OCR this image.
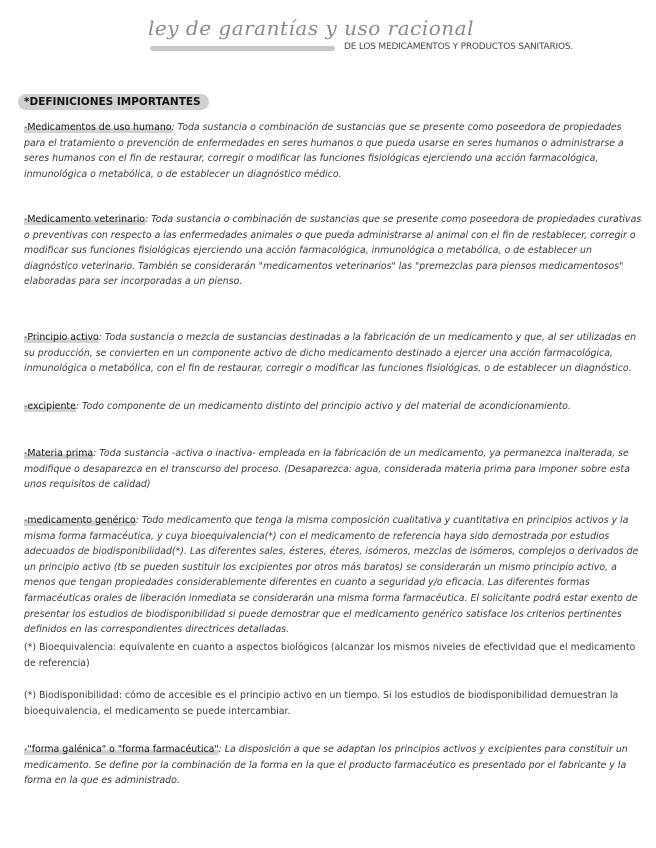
ley de garantías y uso racional
DE LOS MEDICAMENTOS Y PRODUCTOS SANITARIOS.
*DEFINICIONES IMPORTANTES

-Medicamentos de uso humano: Toda sustancia o combinación de sustancias que se presente como poseedora de propiedades para el tratamiento o prevención de enfermedades en seres humanos o que pueda usarse en seres humanos o administrarse a seres humanos con el fin de restaurar, corregir o modificar las funciones fisiológicas ejerciendo una acción farmacológica, inmunológica o metabólica, o de establecer un diagnóstico médico.

-Medicamento veterinario: Toda sustancia o combinación de sustancias que se presente como poseedora de propiedades curativas o preventivas con respecto a las enfermedades animales o que pueda administrarse al animal con el fin de restablecer, corregir o modificar sus funciones fisiológicas ejerciendo una acción farmacológica, inmunológica o metabólica, o de establecer un diagnóstico veterinario. También se considerarán "medicamentos veterinarios" las "premezclas para piensos medicamentosos" elaboradas para ser incorporadas a un pienso.

-Principio activo: Toda sustancia o mezcla de sustancias destinadas a la fabricación de un medicamento y que, al ser utilizadas en su producción, se convierten en un componente activo de dicho medicamento destinado a ejercer una acción farmacológica, inmunológica o metabólica, con el fin de restaurar, corregir o modificar las funciones fisiológicas, o de establecer un diagnóstico.

-excipiente: Todo componente de un medicamento distinto del principio activo y del material de acondicionamiento.

-Materia prima: Toda sustancia -activa o inactiva- empleada en la fabricación de un medicamento, ya permanezca inalterada, se modifique o desaparezca en el transcurso del proceso. (Desaparezca: agua, considerada materia prima para imponer sobre esta unos requisitos de calidad)

-medicamento genérico: Todo medicamento que tenga la misma composición cualitativa y cuantitativa en principios activos y la misma forma farmacéutica, y cuya bioequivalencia(*) con el medicamento de referencia haya sido demostrada por estudios adecuados de biodisponibilidad(*). Las diferentes sales, ésteres, éteres, isómeros, mezclas de isómeros, complejos o derivados de un principio activo (tb se pueden sustituir los excipientes por otros más baratos) se considerarán un mismo principio activo, a menos que tengan propiedades considerablemente diferentes en cuanto a seguridad y/o eficacia. Las diferentes formas farmacéuticas orales de liberación inmediata se considerarán una misma forma farmacéutica. El solicitante podrá estar exento de presentar los estudios de biodisponibilidad si puede demostrar que el medicamento genérico satisface los criterios pertinentes definidos en las correspondientes directrices detalladas.

(*) Bioequivalencia: equivalente en cuanto a aspectos biológicos (alcanzar los mismos niveles de efectividad que el medicamento de referencia)

(*) Biodisponibilidad: cómo de accesible es el principio activo en un tiempo. Si los estudios de biodisponibilidad demuestran la bioequivalencia, el medicamento se puede intercambiar.

-"forma galénica" o "forma farmacéutica": La disposición a que se adaptan los principios activos y excipientes para constituir un medicamento. Se define por la combinación de la forma en la que el producto farmacéutico es presentado por el fabricante y la forma en la que es administrado.
